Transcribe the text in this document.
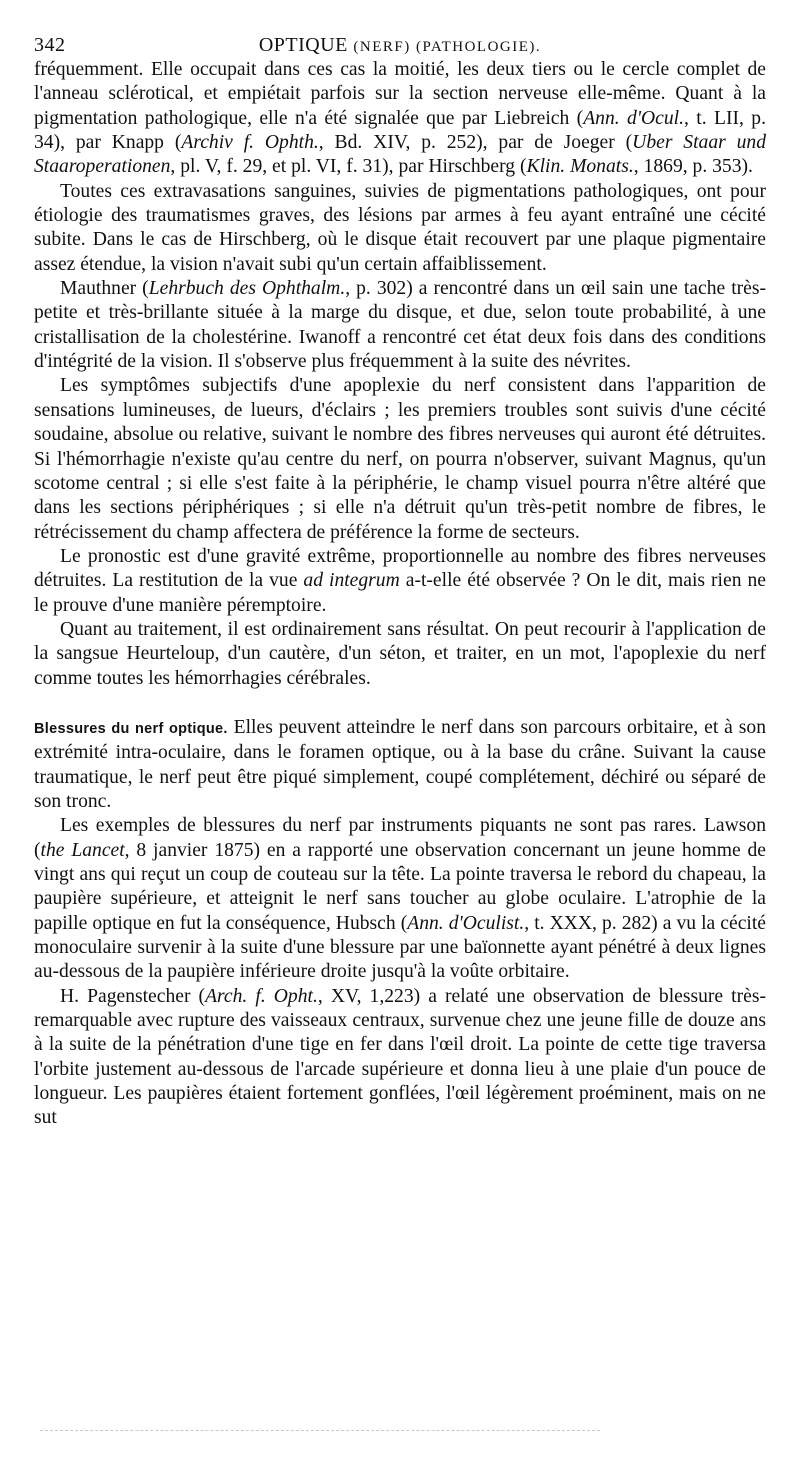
342	OPTIQUE (NERF) (PATHOLOGIE).

fréquemment. Elle occupait dans ces cas la moitié, les deux tiers ou le cercle complet de l'anneau sclérotical, et empiétait parfois sur la section nerveuse elle-même. Quant à la pigmentation pathologique, elle n'a été signalée que par Liebreich (Ann. d'Ocul., t. LII, p. 34), par Knapp (Archiv f. Ophth., Bd. XIV, p. 252), par de Joeger (Uber Staar und Staaroperationen, pl. V, f. 29, et pl. VI, f. 31), par Hirschberg (Klin. Monats., 1869, p. 353).

Toutes ces extravasations sanguines, suivies de pigmentations pathologiques, ont pour étiologie des traumatismes graves, des lésions par armes à feu ayant entraîné une cécité subite. Dans le cas de Hirschberg, où le disque était recouvert par une plaque pigmentaire assez étendue, la vision n'avait subi qu'un certain affaiblissement.

Mauthner (Lehrbuch des Ophthalm., p. 302) a rencontré dans un œil sain une tache très-petite et très-brillante située à la marge du disque, et due, selon toute probabilité, à une cristallisation de la cholestérine. Iwanoff a rencontré cet état deux fois dans des conditions d'intégrité de la vision. Il s'observe plus fréquemment à la suite des névrites.

Les symptômes subjectifs d'une apoplexie du nerf consistent dans l'apparition de sensations lumineuses, de lueurs, d'éclairs ; les premiers troubles sont suivis d'une cécité soudaine, absolue ou relative, suivant le nombre des fibres nerveuses qui auront été détruites. Si l'hémorrhagie n'existe qu'au centre du nerf, on pourra n'observer, suivant Magnus, qu'un scotome central ; si elle s'est faite à la périphérie, le champ visuel pourra n'être altéré que dans les sections périphériques ; si elle n'a détruit qu'un très-petit nombre de fibres, le rétrécissement du champ affectera de préférence la forme de secteurs.

Le pronostic est d'une gravité extrême, proportionnelle au nombre des fibres nerveuses détruites. La restitution de la vue ad integrum a-t-elle été observée ? On le dit, mais rien ne le prouve d'une manière péremptoire.

Quant au traitement, il est ordinairement sans résultat. On peut recourir à l'application de la sangsue Heurteloup, d'un cautère, d'un séton, et traiter, en un mot, l'apoplexie du nerf comme toutes les hémorrhagies cérébrales.

Blessures du nerf optique. Elles peuvent atteindre le nerf dans son parcours orbitaire, et à son extrémité intra-oculaire, dans le foramen optique, ou à la base du crâne. Suivant la cause traumatique, le nerf peut être piqué simplement, coupé complétement, déchiré ou séparé de son tronc.

Les exemples de blessures du nerf par instruments piquants ne sont pas rares. Lawson (the Lancet, 8 janvier 1875) en a rapporté une observation concernant un jeune homme de vingt ans qui reçut un coup de couteau sur la tête. La pointe traversa le rebord du chapeau, la paupière supérieure, et atteignit le nerf sans toucher au globe oculaire. L'atrophie de la papille optique en fut la conséquence, Hubsch (Ann. d'Oculist., t. XXX, p. 282) a vu la cécité monoculaire survenir à la suite d'une blessure par une baïonnette ayant pénétré à deux lignes au-dessous de la paupière inférieure droite jusqu'à la voûte orbitaire.

H. Pagenstecher (Arch. f. Opht., XV, 1,223) a relaté une observation de blessure très-remarquable avec rupture des vaisseaux centraux, survenue chez une jeune fille de douze ans à la suite de la pénétration d'une tige en fer dans l'œil droit. La pointe de cette tige traversa l'orbite justement au-dessous de l'arcade supérieure et donna lieu à une plaie d'un pouce de longueur. Les paupières étaient fortement gonflées, l'œil légèrement proéminent, mais on ne sut
